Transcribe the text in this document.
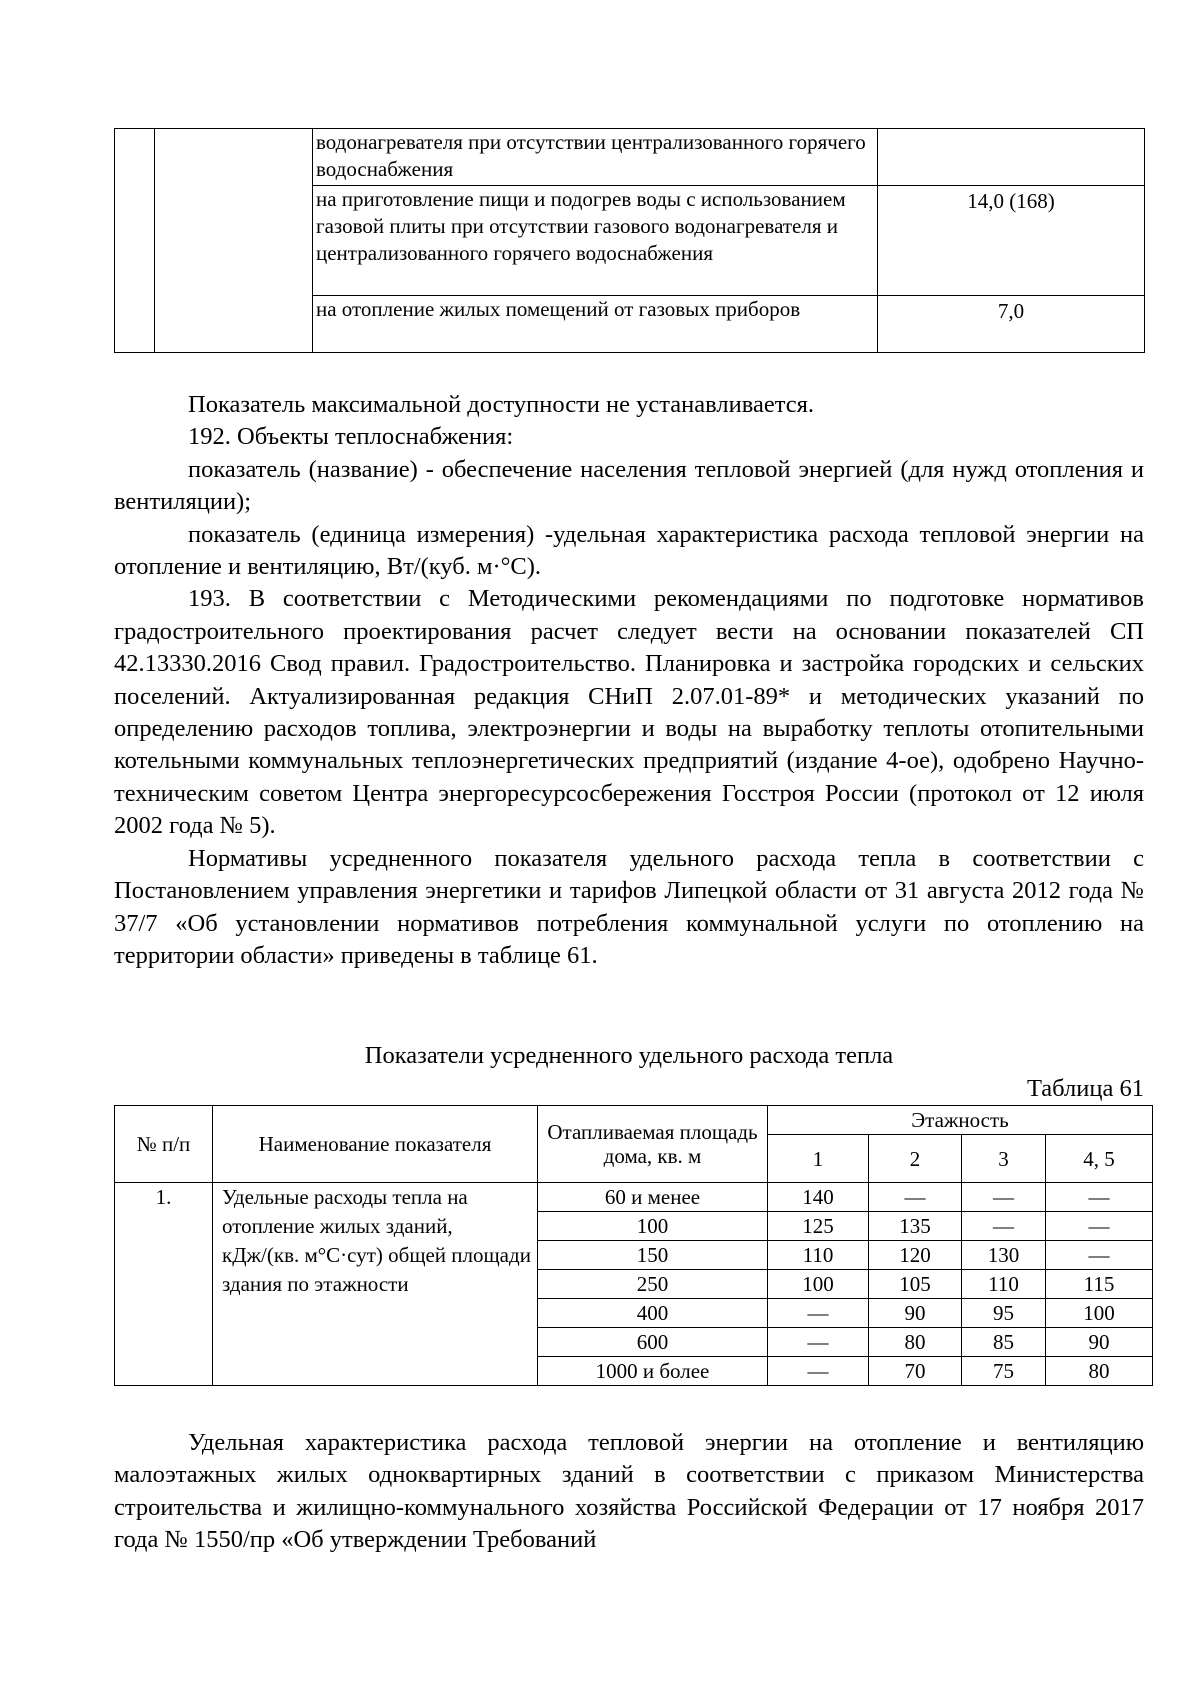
		водонагревателя при отсутствии централизованного горячего водоснабжения	
		на приготовление пищи и подогрев воды с использованием газовой плиты при отсутствии газового водонагревателя и централизованного горячего водоснабжения	14,0 (168)
		на отопление жилых помещений от газовых приборов	7,0

Показатель максимальной доступности не устанавливается.

192. Объекты теплоснабжения:

показатель (название) - обеспечение населения тепловой энергией (для нужд отопления и вентиляции);

показатель (единица измерения) -удельная характеристика расхода тепловой энергии на отопление и вентиляцию, Вт/(куб. м·°С).

193. В соответствии с Методическими рекомендациями по подготовке нормативов градостроительного проектирования расчет следует вести на основании показателей СП 42.13330.2016 Свод правил. Градостроительство. Планировка и застройка городских и сельских поселений. Актуализированная редакция СНиП 2.07.01-89* и методических указаний по определению расходов топлива, электроэнергии и воды на выработку теплоты отопительными котельными коммунальных теплоэнергетических предприятий (издание 4-ое), одобрено Научно-техническим советом Центра энергоресурсосбережения Госстроя России (протокол от 12 июля 2002 года № 5).

Нормативы усредненного показателя удельного расхода тепла в соответствии с Постановлением управления энергетики и тарифов Липецкой области от 31 августа 2012 года № 37/7 «Об установлении нормативов потребления коммунальной услуги по отоплению на территории области» приведены в таблице 61.

Показатели усредненного удельного расхода тепла

Таблица 61

№ п/п	Наименование показателя	Отапливаемая площадь дома, кв. м	Этажность			
			1	2	3	4, 5
1.	Удельные расходы тепла на отопление жилых зданий, кДж/(кв. м°С·сут) общей площади здания по этажности	60 и менее	140	—	—	—
		100	125	135	—	—
		150	110	120	130	—
		250	100	105	110	115
		400	—	90	95	100
		600	—	80	85	90
		1000 и более	—	70	75	80

Удельная характеристика расхода тепловой энергии на отопление и вентиляцию малоэтажных жилых одноквартирных зданий в соответствии с приказом Министерства строительства и жилищно-коммунального хозяйства Российской Федерации от 17 ноября 2017 года № 1550/пр «Об утверждении Требований
